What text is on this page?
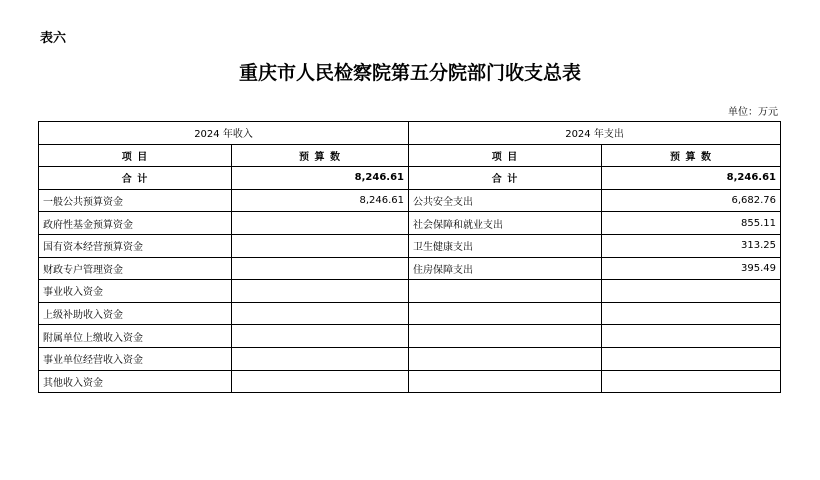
表六
重庆市人民检察院第五分院部门收支总表
单位：万元
2024 年收入		2024 年支出	
项 目	预 算 数	项 目	预 算 数
合 计	8,246.61	合 计	8,246.61
一般公共预算资金	8,246.61	公共安全支出	6,682.76
政府性基金预算资金		社会保障和就业支出	855.11
国有资本经营预算资金		卫生健康支出	313.25
财政专户管理资金		住房保障支出	395.49
事业收入资金			
上级补助收入资金			
附属单位上缴收入资金			
事业单位经营收入资金			
其他收入资金			
